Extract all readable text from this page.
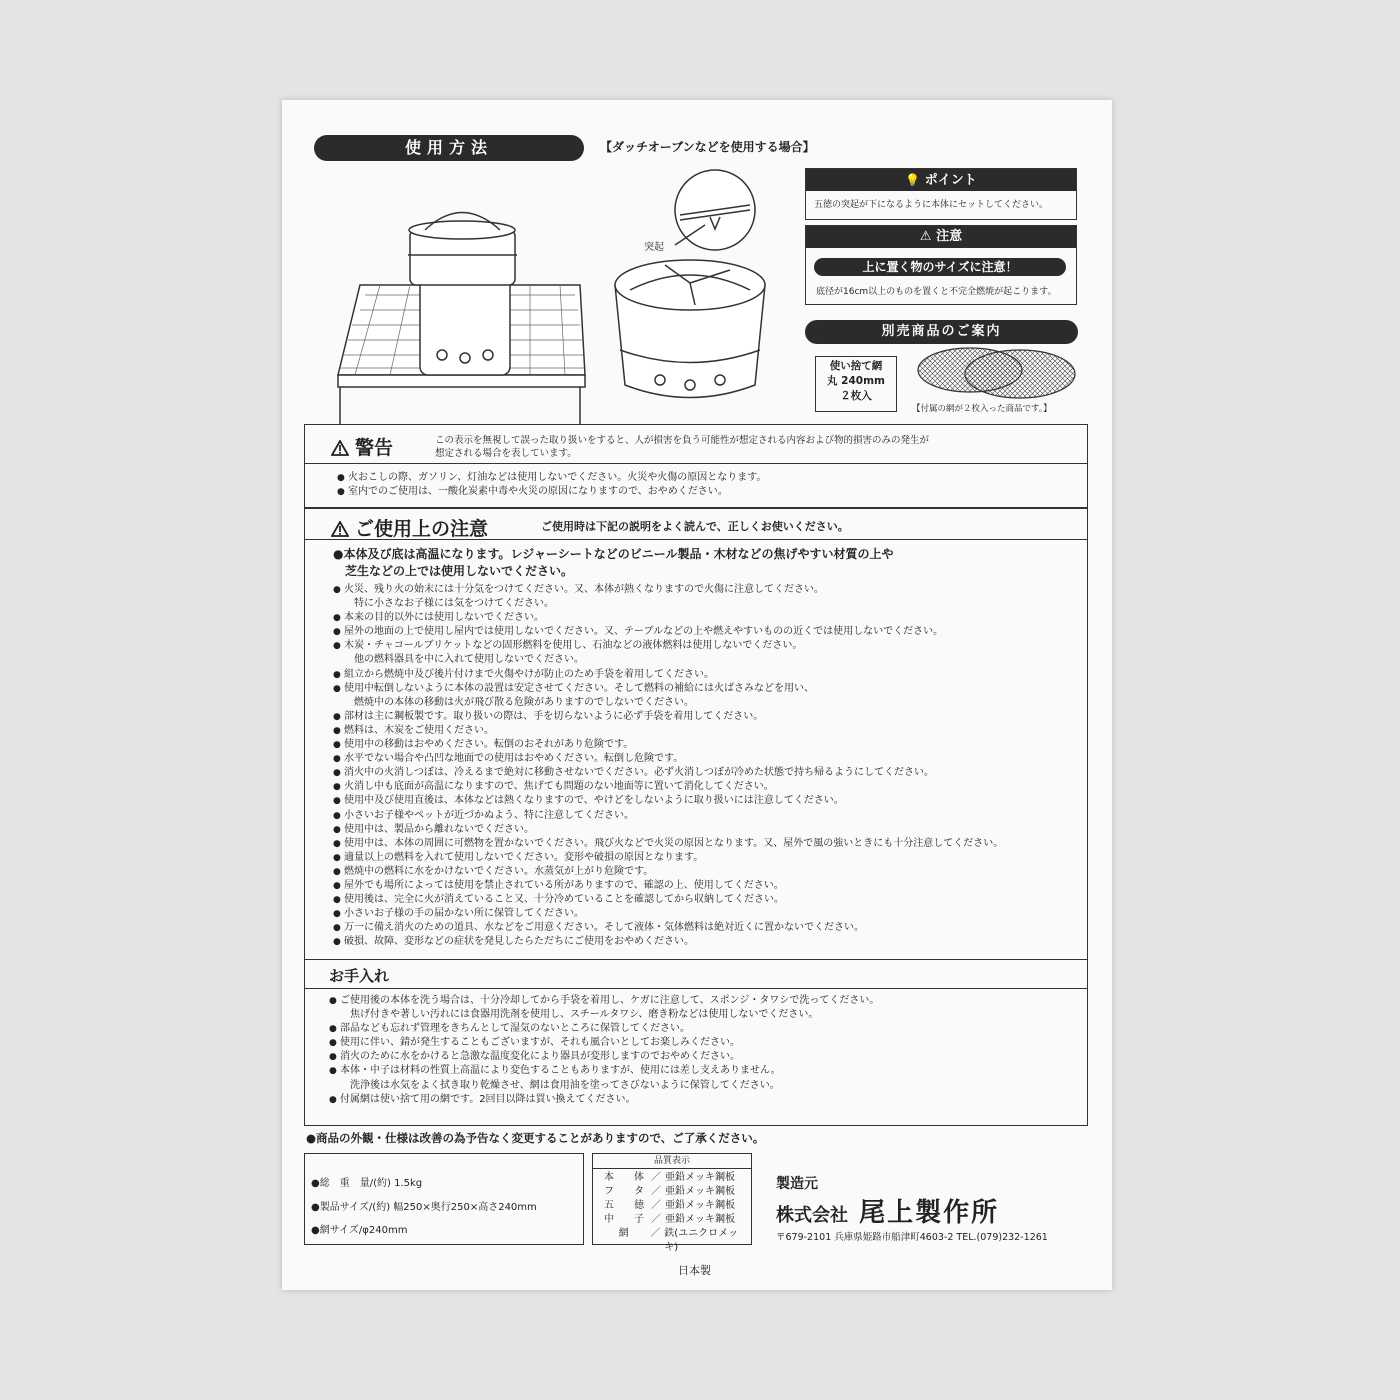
使用方法	【ダッチオーブンなどを使用する場合】
突起
💡 ポイント
五徳の突起が下になるように本体にセットしてください。
⚠ 注意
上に置く物のサイズに注意！
底径が16cm以上のものを置くと不完全燃焼が起こります。
別売商品のご案内
使い捨て網
丸 240mm
２枚入
【付属の網が２枚入った商品です。】
警告	この表示を無視して誤った取り扱いをすると、人が損害を負う可能性が想定される内容および物的損害のみの発生が
想定される場合を表しています。
● 火おこしの際、ガソリン、灯油などは使用しないでください。火災や火傷の原因となります。
● 室内でのご使用は、一酸化炭素中毒や火災の原因になりますので、おやめください。
ご使用上の注意	ご使用時は下記の説明をよく読んで、正しくお使いください。
●本体及び底は高温になります。レジャーシートなどのビニール製品・木材などの焦げやすい材質の上や
　芝生などの上では使用しないでください。
● 火災、残り火の始末には十分気をつけてください。又、本体が熱くなりますので火傷に注意してください。
特に小さなお子様には気をつけてください。
● 本来の目的以外には使用しないでください。
● 屋外の地面の上で使用し屋内では使用しないでください。又、テーブルなどの上や燃えやすいものの近くでは使用しないでください。
● 木炭・チャコールブリケットなどの固形燃料を使用し、石油などの液体燃料は使用しないでください。
他の燃料器具を中に入れて使用しないでください。
● 組立から燃焼中及び後片付けまで火傷やけが防止のため手袋を着用してください。
● 使用中転倒しないように本体の設置は安定させてください。そして燃料の補給には火ばさみなどを用い、
燃焼中の本体の移動は火が飛び散る危険がありますのでしないでください。
● 部材は主に鋼板製です。取り扱いの際は、手を切らないように必ず手袋を着用してください。
● 燃料は、木炭をご使用ください。
● 使用中の移動はおやめください。転倒のおそれがあり危険です。
● 水平でない場合や凸凹な地面での使用はおやめください。転倒し危険です。
● 消火中の火消しつぼは、冷えるまで絶対に移動させないでください。必ず火消しつぼが冷めた状態で持ち帰るようにしてください。
● 火消し中も底面が高温になりますので、焦げても問題のない地面等に置いて消化してください。
● 使用中及び使用直後は、本体などは熱くなりますので、やけどをしないように取り扱いには注意してください。
● 小さいお子様やペットが近づかぬよう、特に注意してください。
● 使用中は、製品から離れないでください。
● 使用中は、本体の周囲に可燃物を置かないでください。飛び火などで火災の原因となります。又、屋外で風の強いときにも十分注意してください。
● 適量以上の燃料を入れて使用しないでください。変形や破損の原因となります。
● 燃焼中の燃料に水をかけないでください。水蒸気が上がり危険です。
● 屋外でも場所によっては使用を禁止されている所がありますので、確認の上、使用してください。
● 使用後は、完全に火が消えていること又、十分冷めていることを確認してから収納してください。
● 小さいお子様の手の届かない所に保管してください。
● 万一に備え消火のための道具、水などをご用意ください。そして液体・気体燃料は絶対近くに置かないでください。
● 破損、故障、変形などの症状を発見したらただちにご使用をおやめください。
お手入れ
● ご使用後の本体を洗う場合は、十分冷却してから手袋を着用し、ケガに注意して、スポンジ・タワシで洗ってください。
焦げ付きや著しい汚れには食器用洗剤を使用し、スチールタワシ、磨き粉などは使用しないでください。
● 部品なども忘れず管理をきちんとして湿気のないところに保管してください。
● 使用に伴い、錆が発生することもございますが、それも風合いとしてお楽しみください。
● 消火のために水をかけると急激な温度変化により器具が変形しますのでおやめください。
● 本体・中子は材料の性質上高温により変色することもありますが、使用には差し支えありません。
洗浄後は水気をよく拭き取り乾燥させ、網は食用油を塗ってさびないように保管してください。
● 付属網は使い捨て用の網です。2回目以降は買い換えてください。
●商品の外観・仕様は改善の為予告なく変更することがありますので、ご了承ください。
●総　重　量/(約) 1.5kg
●製品サイズ/(約) 幅250×奥行250×高さ240mm
●網サイズ/φ240mm
品質表示
本　　体 ／ 亜鉛メッキ鋼板
フ　　タ ／ 亜鉛メッキ鋼板
五　　徳 ／ 亜鉛メッキ鋼板
中　　子 ／ 亜鉛メッキ鋼板
網	／ 鉄(ユニクロメッキ)
製造元
株式会社 尾上製作所
〒679-2101 兵庫県姫路市船津町4603-2 TEL.(079)232-1261
日本製
